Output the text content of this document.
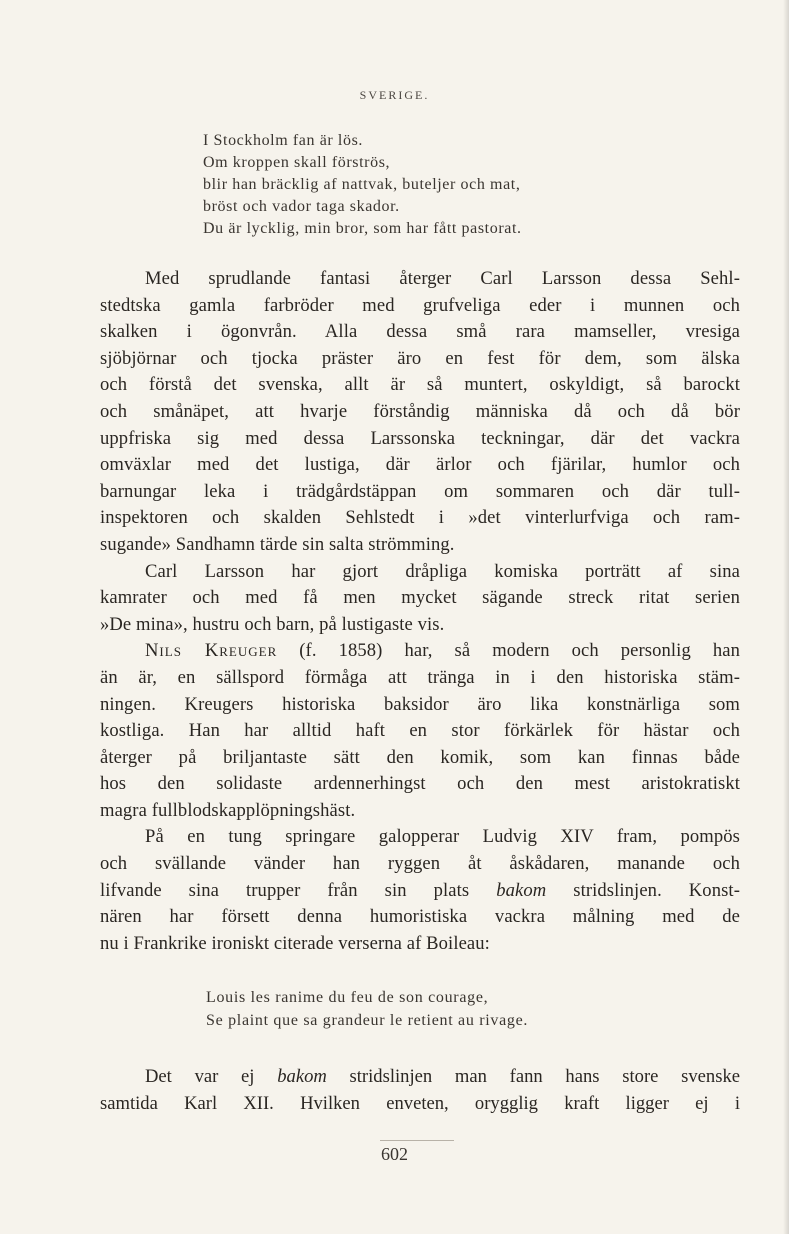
SVERIGE.
I Stockholm fan är lös.
Om kroppen skall förströs,
blir han bräcklig af nattvak, buteljer och mat,
bröst och vador taga skador.
Du är lycklig, min bror, som har fått pastorat.
Med sprudlande fantasi återger Carl Larsson dessa Sehl-
stedtska gamla farbröder med grufveliga eder i munnen och
skalken i ögonvrån. Alla dessa små rara mamseller, vresiga
sjöbjörnar och tjocka präster äro en fest för dem, som älska
och förstå det svenska, allt är så muntert, oskyldigt, så barockt
och smånäpet, att hvarje förståndig människa då och då bör
uppfriska sig med dessa Larssonska teckningar, där det vackra
omväxlar med det lustiga, där ärlor och fjärilar, humlor och
barnungar leka i trädgårdstäppan om sommaren och där tull-
inspektoren och skalden Sehlstedt i »det vinterlurfviga och ram-
sugande» Sandhamn tärde sin salta strömming.
Carl Larsson har gjort dråpliga komiska porträtt af sina
kamrater och med få men mycket sägande streck ritat serien
»De mina», hustru och barn, på lustigaste vis.
Nils Kreuger (f. 1858) har, så modern och personlig han
än är, en sällspord förmåga att tränga in i den historiska stäm-
ningen. Kreugers historiska baksidor äro lika konstnärliga som
kostliga. Han har alltid haft en stor förkärlek för hästar och
återger på briljantaste sätt den komik, som kan finnas både
hos den solidaste ardennerhingst och den mest aristokratiskt
magra fullblodskapplöpningshäst.
På en tung springare galopperar Ludvig XIV fram, pompös
och svällande vänder han ryggen åt åskådaren, manande och
lifvande sina trupper från sin plats bakom stridslinjen. Konst-
nären har försett denna humoristiska vackra målning med de
nu i Frankrike ironiskt citerade verserna af Boileau:
Louis les ranime du feu de son courage,
Se plaint que sa grandeur le retient au rivage.
Det var ej bakom stridslinjen man fann hans store svenske
samtida Karl XII. Hvilken enveten, orygglig kraft ligger ej i
602
